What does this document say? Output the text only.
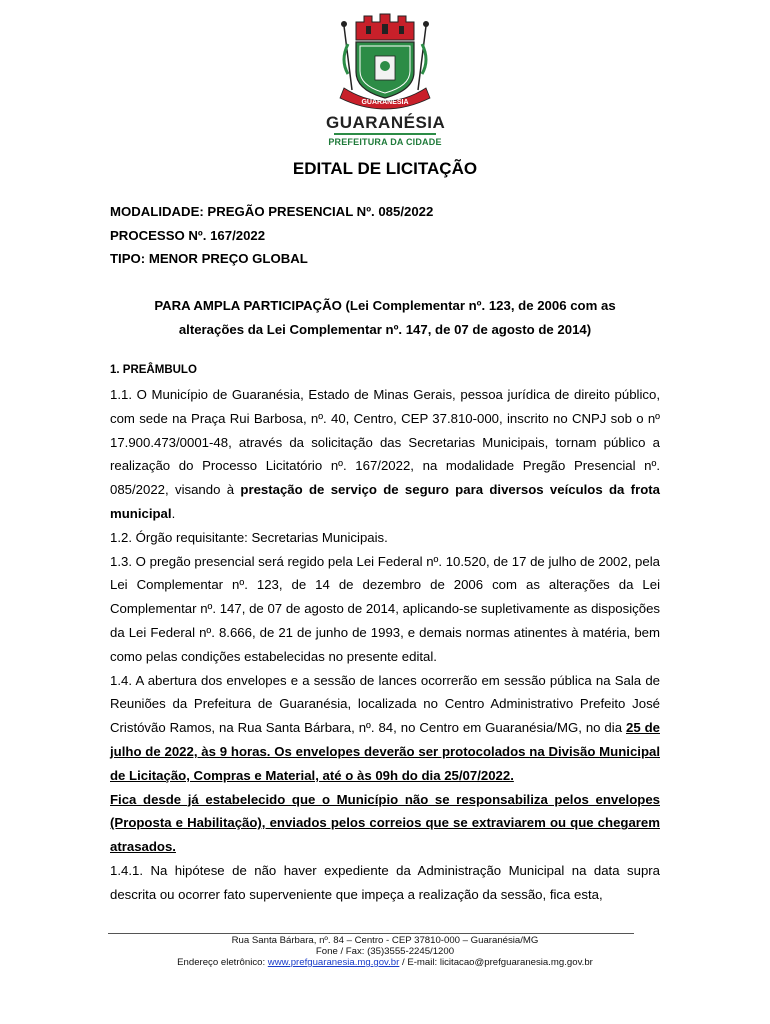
GUARANÉSIA
GUARANÉSIA
PREFEITURA DA CIDADE
EDITAL DE LICITAÇÃO
MODALIDADE: PREGÃO PRESENCIAL Nº. 085/2022
PROCESSO Nº. 167/2022
TIPO: MENOR PREÇO GLOBAL
PARA AMPLA PARTICIPAÇÃO (Lei Complementar nº. 123, de 2006 com as
alterações da Lei Complementar nº. 147, de 07 de agosto de 2014)
1. PREÂMBULO

1.1. O Município de Guaranésia, Estado de Minas Gerais, pessoa jurídica de direito público, com sede na Praça Rui Barbosa, nº. 40, Centro, CEP 37.810-000, inscrito no CNPJ sob o nº 17.900.473/0001-48, através da solicitação das Secretarias Municipais, tornam público a realização do Processo Licitatório nº. 167/2022, na modalidade Pregão Presencial nº. 085/2022, visando à prestação de serviço de seguro para diversos veículos da frota municipal.

1.2. Órgão requisitante: Secretarias Municipais.

1.3. O pregão presencial será regido pela Lei Federal nº. 10.520, de 17 de julho de 2002, pela Lei Complementar nº. 123, de 14 de dezembro de 2006 com as alterações da Lei Complementar nº. 147, de 07 de agosto de 2014, aplicando-se supletivamente as disposições da Lei Federal nº. 8.666, de 21 de junho de 1993, e demais normas atinentes à matéria, bem como pelas condições estabelecidas no presente edital.

1.4. A abertura dos envelopes e a sessão de lances ocorrerão em sessão pública na Sala de Reuniões da Prefeitura de Guaranésia, localizada no Centro Administrativo Prefeito José Cristóvão Ramos, na Rua Santa Bárbara, nº. 84, no Centro em Guaranésia/MG, no dia 25 de julho de 2022, às 9 horas. Os envelopes deverão ser protocolados na Divisão Municipal de Licitação, Compras e Material, até o às 09h do dia 25/07/2022.

Fica desde já estabelecido que o Município não se responsabiliza pelos envelopes (Proposta e Habilitação), enviados pelos correios que se extraviarem ou que chegarem atrasados.

1.4.1. Na hipótese de não haver expediente da Administração Municipal na data supra descrita ou ocorrer fato superveniente que impeça a realização da sessão, fica esta,

Rua Santa Bárbara, nº. 84 – Centro - CEP 37810-000 – Guaranésia/MG
Fone / Fax: (35)3555-2245/1200
Endereço eletrônico: www.prefguaranesia.mg.gov.br / E-mail: licitacao@prefguaranesia.mg.gov.br
